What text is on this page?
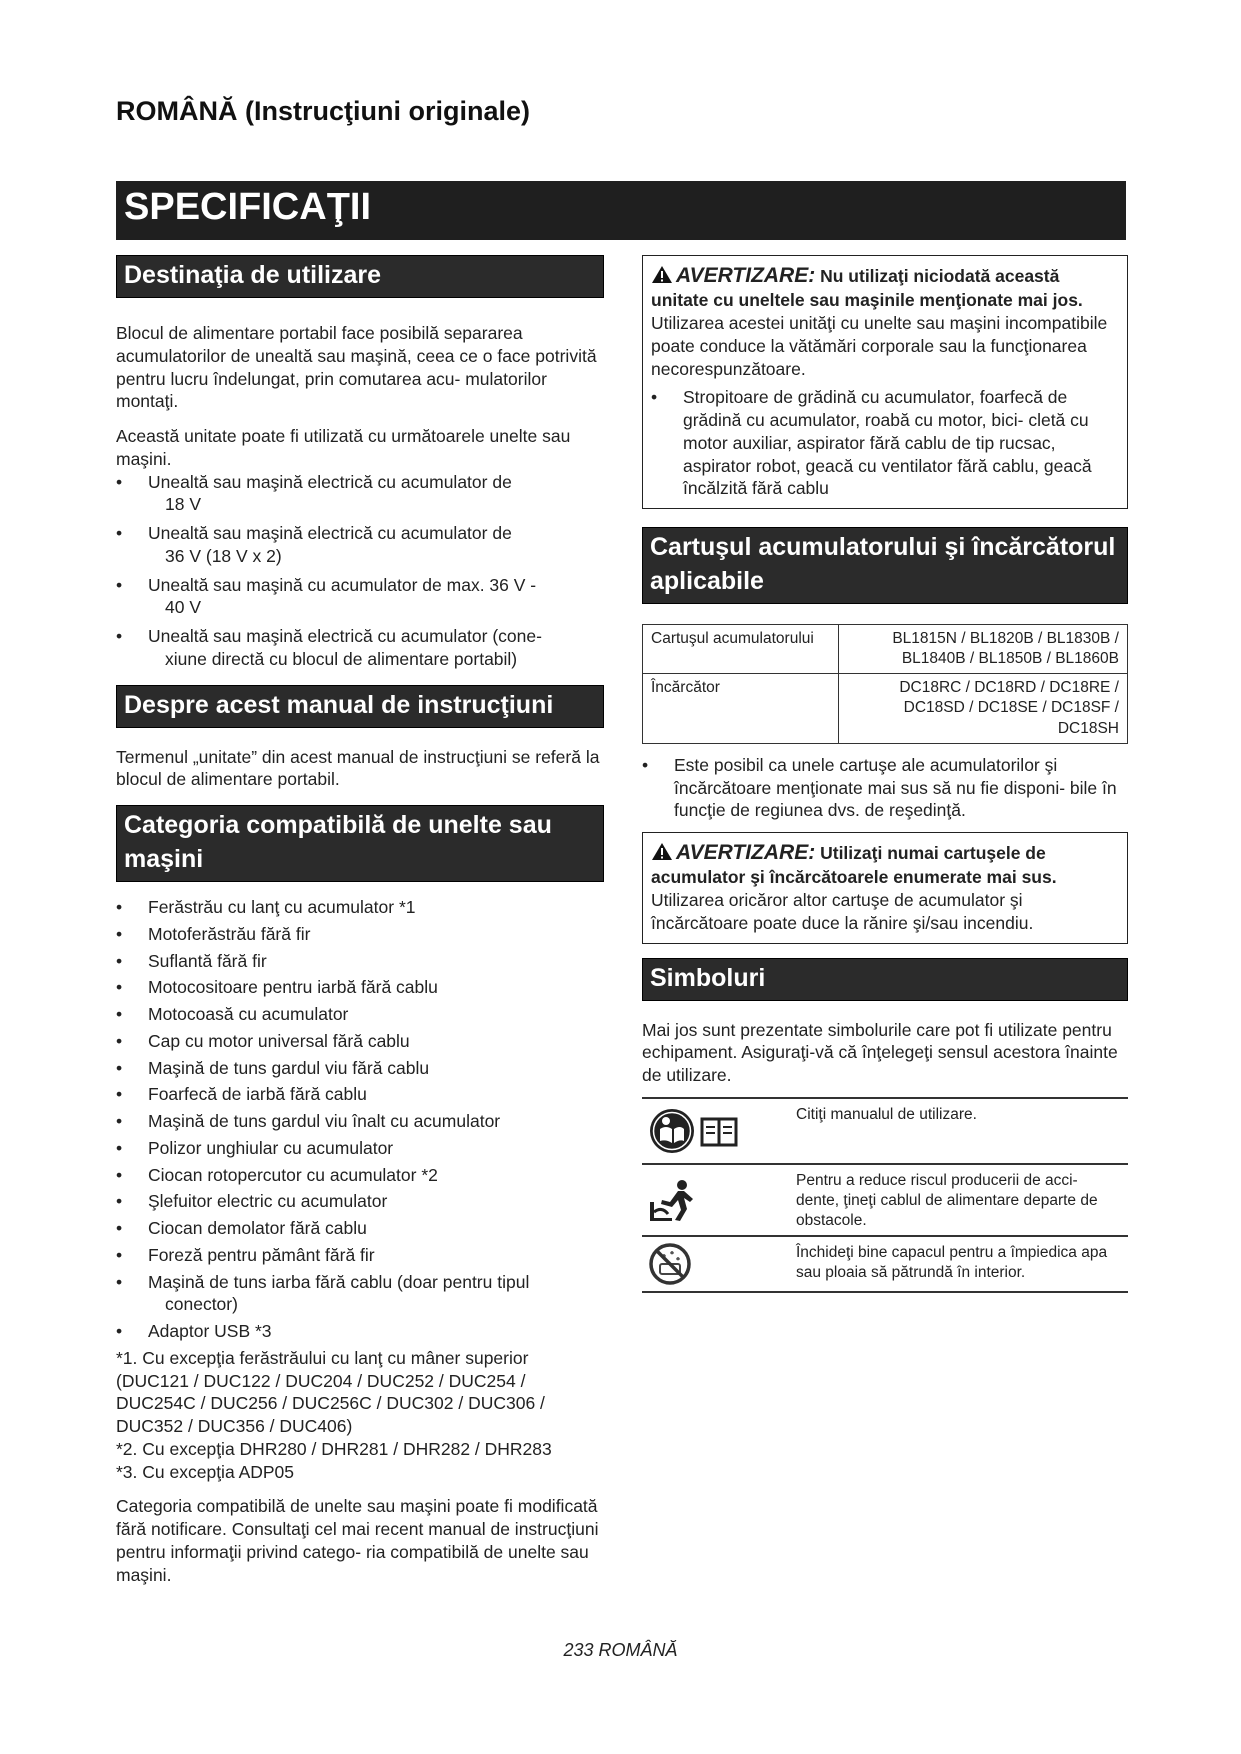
ROMÂNĂ (Instrucţiuni originale)
SPECIFICAŢII
Destinaţia de utilizare

Blocul de alimentare portabil face posibilă separarea acumulatorilor de unealtă sau maşină, ceea ce o face potrivită pentru lucru îndelungat, prin comutarea acu- mulatorilor montaţi.

Această unitate poate fi utilizată cu următoarele unelte sau maşini.

• Unealtă sau maşină electrică cu acumulator de
18 V
• Unealtă sau maşină electrică cu acumulator de
36 V (18 V x 2)
• Unealtă sau maşină cu acumulator de max. 36 V -
40 V
• Unealtă sau maşină electrică cu acumulator (cone-
xiune directă cu blocul de alimentare portabil)
Despre acest manual de instrucţiuni

Termenul „unitate” din acest manual de instrucţiuni se referă la blocul de alimentare portabil.

Categoria compatibilă de unelte sau maşini
• Ferăstrău cu lanţ cu acumulator *1
• Motoferăstrău fără fir
• Suflantă fără fir
• Motocositoare pentru iarbă fără cablu
• Motocoasă cu acumulator
• Cap cu motor universal fără cablu
• Maşină de tuns gardul viu fără cablu
• Foarfecă de iarbă fără cablu
• Maşină de tuns gardul viu înalt cu acumulator
• Polizor unghiular cu acumulator
• Ciocan rotopercutor cu acumulator *2
• Şlefuitor electric cu acumulator
• Ciocan demolator fără cablu
• Foreză pentru pământ fără fir
• Maşină de tuns iarba fără cablu (doar pentru tipul
conector)
• Adaptor USB *3

*1. Cu excepţia ferăstrăului cu lanţ cu mâner superior (DUC121 / DUC122 / DUC204 / DUC252 / DUC254 / DUC254C / DUC256 / DUC256C / DUC302 / DUC306 / DUC352 / DUC356 / DUC406)

*2. Cu excepţia DHR280 / DHR281 / DHR282 / DHR283

*3. Cu excepţia ADP05

Categoria compatibilă de unelte sau maşini poate fi modificată fără notificare. Consultaţi cel mai recent manual de instrucţiuni pentru informaţii privind catego- ria compatibilă de unelte sau maşini.

AVERTIZARE: Nu utilizaţi niciodată această unitate cu uneltele sau maşinile menţionate mai jos. Utilizarea acestei unităţi cu unelte sau maşini incompatibile poate conduce la vătămări corporale sau la funcţionarea necorespunzătoare.

• Stropitoare de grădină cu acumulator, foarfecă de grădină cu acumulator, roabă cu motor, bici- cletă cu motor auxiliar, aspirator fără cablu de tip rucsac, aspirator robot, geacă cu ventilator fără cablu, geacă încălzită fără cablu
Cartuşul acumulatorului şi încărcătorul aplicabile
Cartuşul acumulatorului	BL1815N / BL1820B / BL1830B / BL1840B / BL1850B / BL1860B
Încărcător	DC18RC / DC18RD / DC18RE / DC18SD / DC18SE / DC18SF / DC18SH
• Este posibil ca unele cartuşe ale acumulatorilor şi încărcătoare menţionate mai sus să nu fie disponi- bile în funcţie de regiunea dvs. de reşedinţă.

AVERTIZARE: Utilizaţi numai cartuşele de acumulator şi încărcătoarele enumerate mai sus. Utilizarea oricăror altor cartuşe de acumulator şi încărcătoare poate duce la rănire şi/sau incendiu.

Simboluri

Mai jos sunt prezentate simbolurile care pot fi utilizate pentru echipament. Asiguraţi-vă că înţelegeţi sensul acestora înainte de utilizare.

Citiţi manualul de utilizare.
Pentru a reduce riscul producerii de acci- dente, ţineţi cablul de alimentare departe de obstacole.
Închideţi bine capacul pentru a împiedica apa sau ploaia să pătrundă în interior.
233 ROMÂNĂ
